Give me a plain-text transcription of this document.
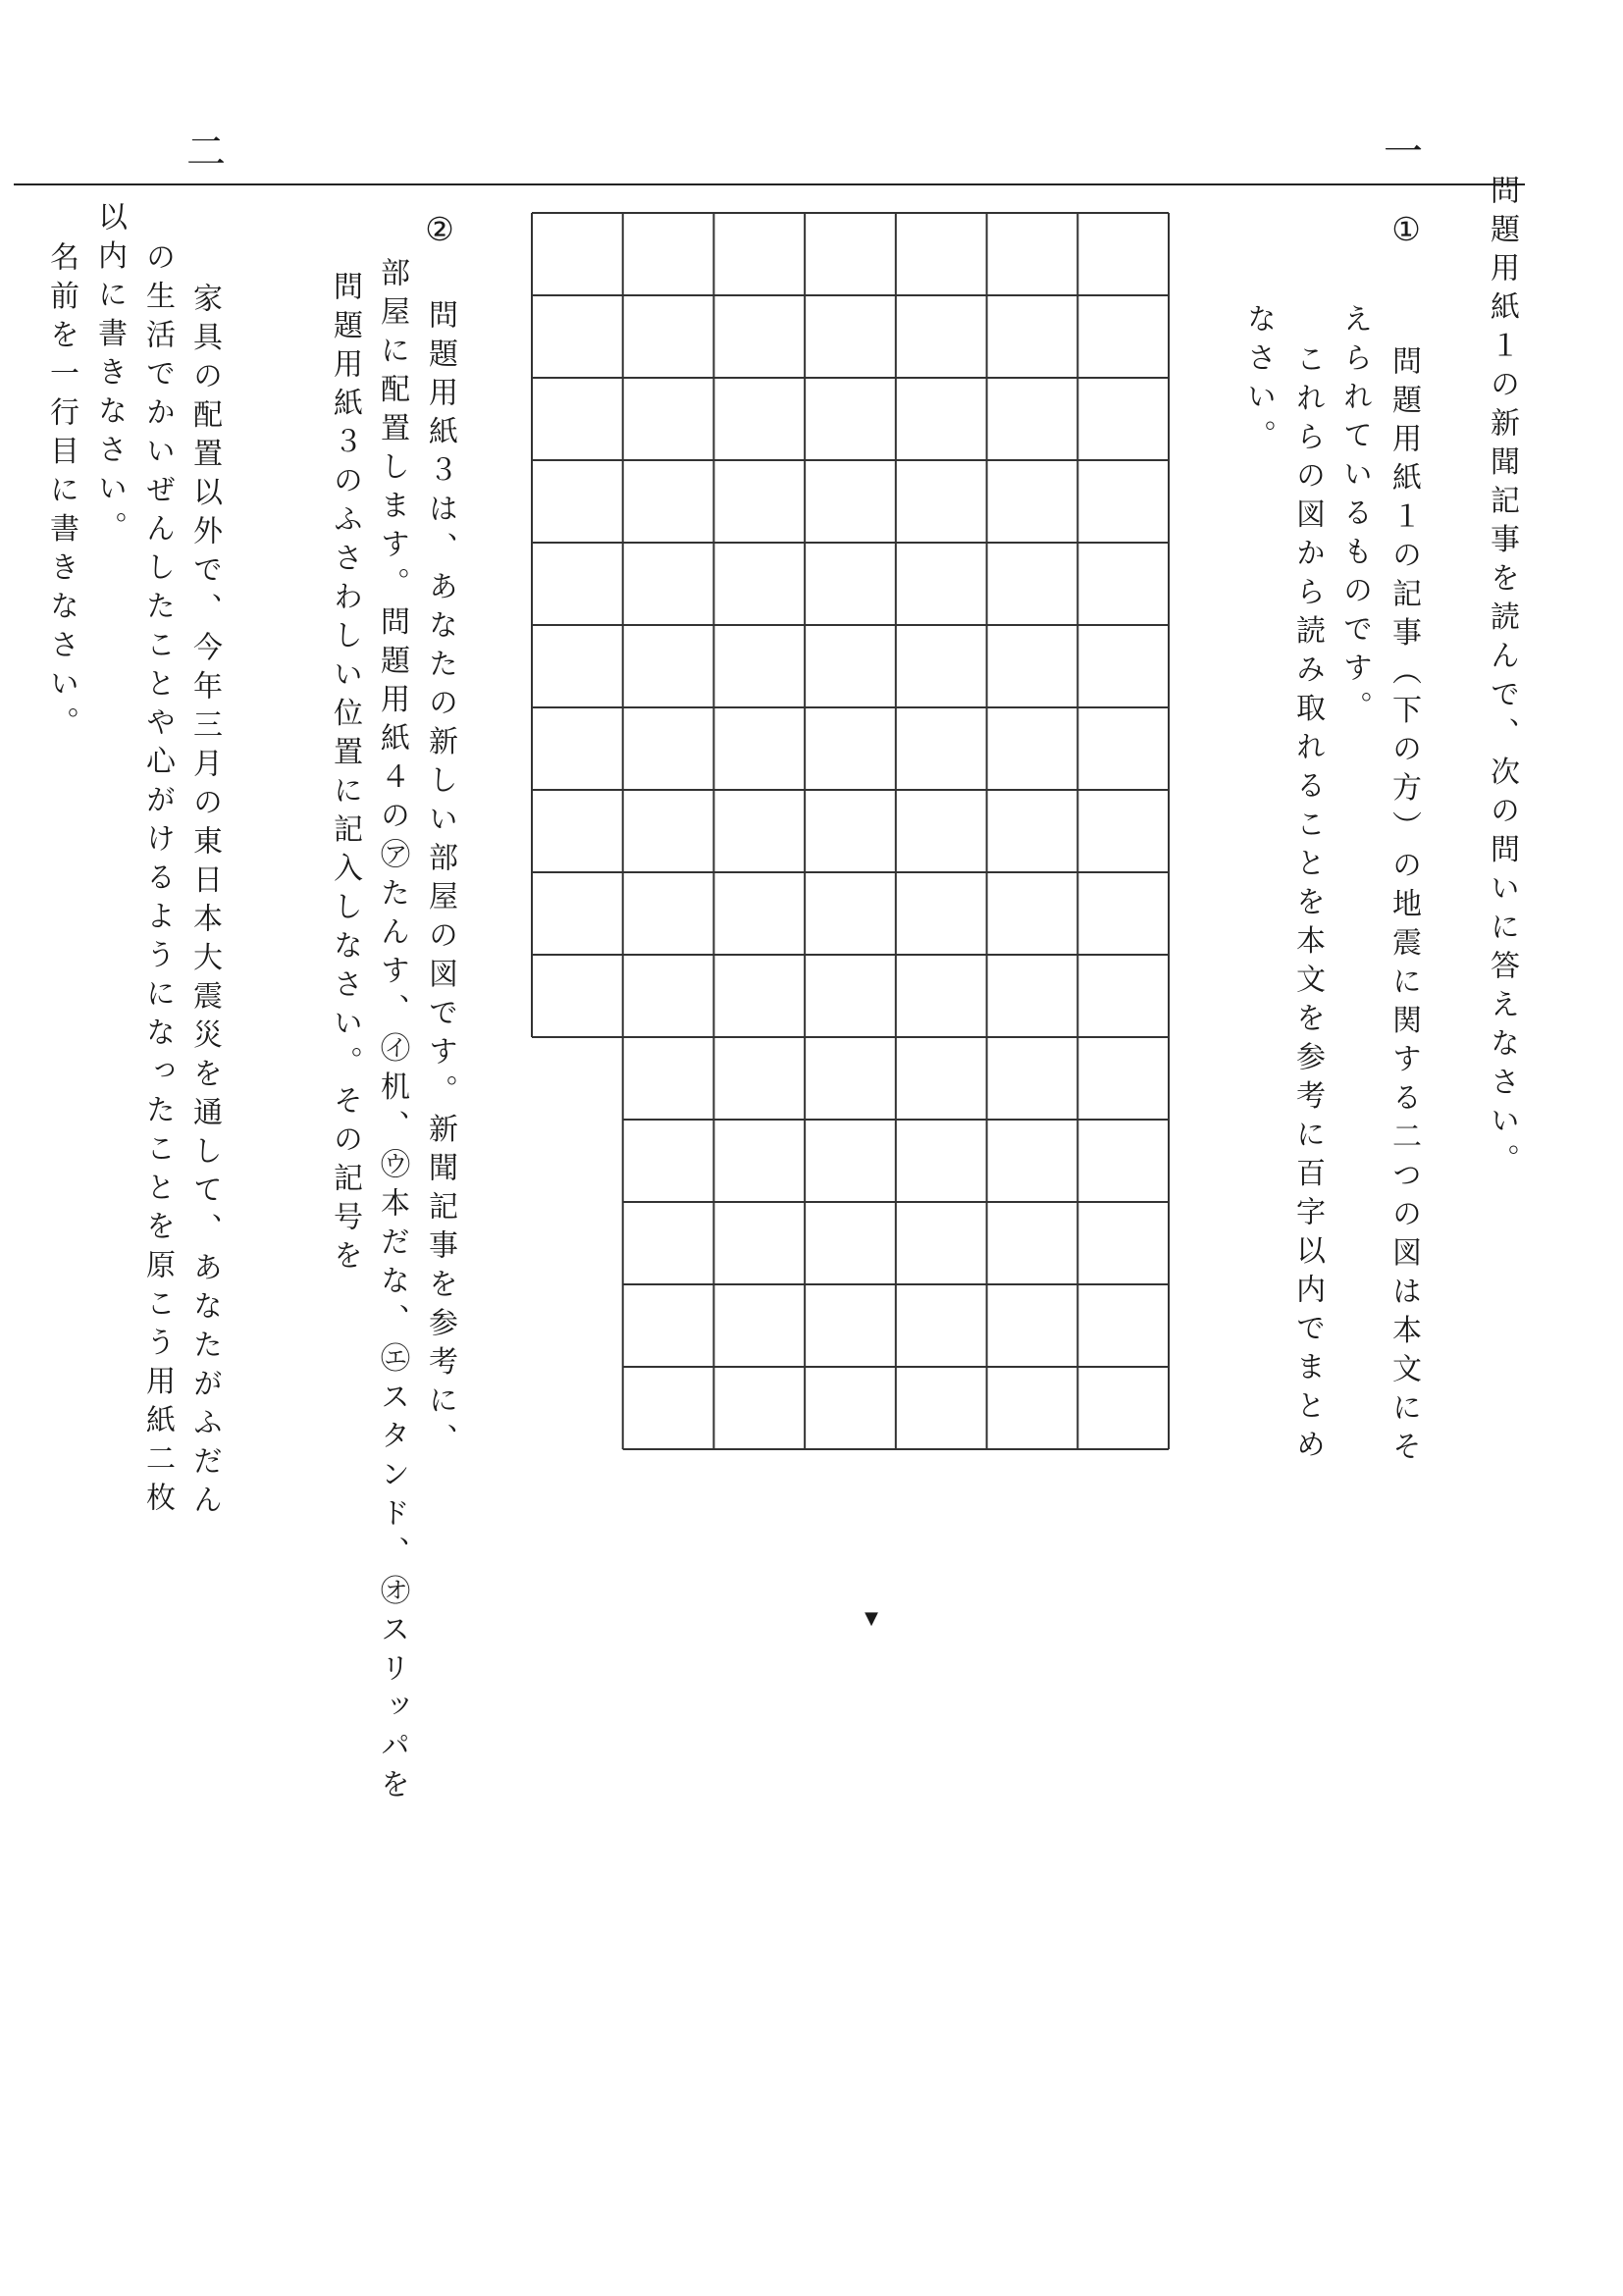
一
問題用紙１の新聞記事を読んで、次の問いに答えなさい。
①
問題用紙１の記事（下の方）の地震に関する二つの図は本文にそ
えられているものです。
これらの図から読み取れることを本文を参考に百字以内でまとめ
なさい。
②
問題用紙３は、あなたの新しい部屋の図です。新聞記事を参考に、
部屋に配置します。問題用紙４の㋐たんす、㋑机、㋒本だな、㋓スタンド、㋔スリッパを
問題用紙３のふさわしい位置に記入しなさい。その記号を
二
家具の配置以外で、今年三月の東日本大震災を通して、あなたがふだん
の生活でかいぜんしたことや心がけるようになったことを原こう用紙二枚
以内に書きなさい。
名前を一行目に書きなさい。
▼
